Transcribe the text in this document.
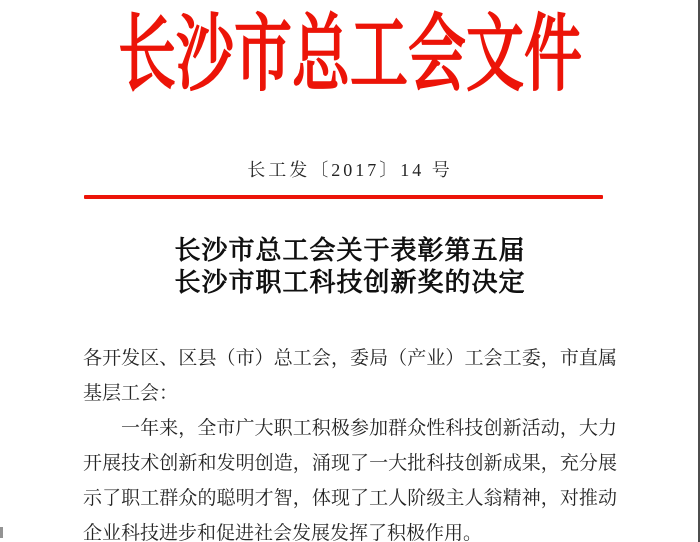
长沙市总工会文件
长工发〔2017〕14 号
长沙市总工会关于表彰第五届
长沙市职工科技创新奖的决定
各开发区、区县（市）总工会，委局（产业）工会工委，市直属
基层工会：
一年来，全市广大职工积极参加群众性科技创新活动，大力
开展技术创新和发明创造，涌现了一大批科技创新成果，充分展
示了职工群众的聪明才智，体现了工人阶级主人翁精神，对推动
企业科技进步和促进社会发展发挥了积极作用。
